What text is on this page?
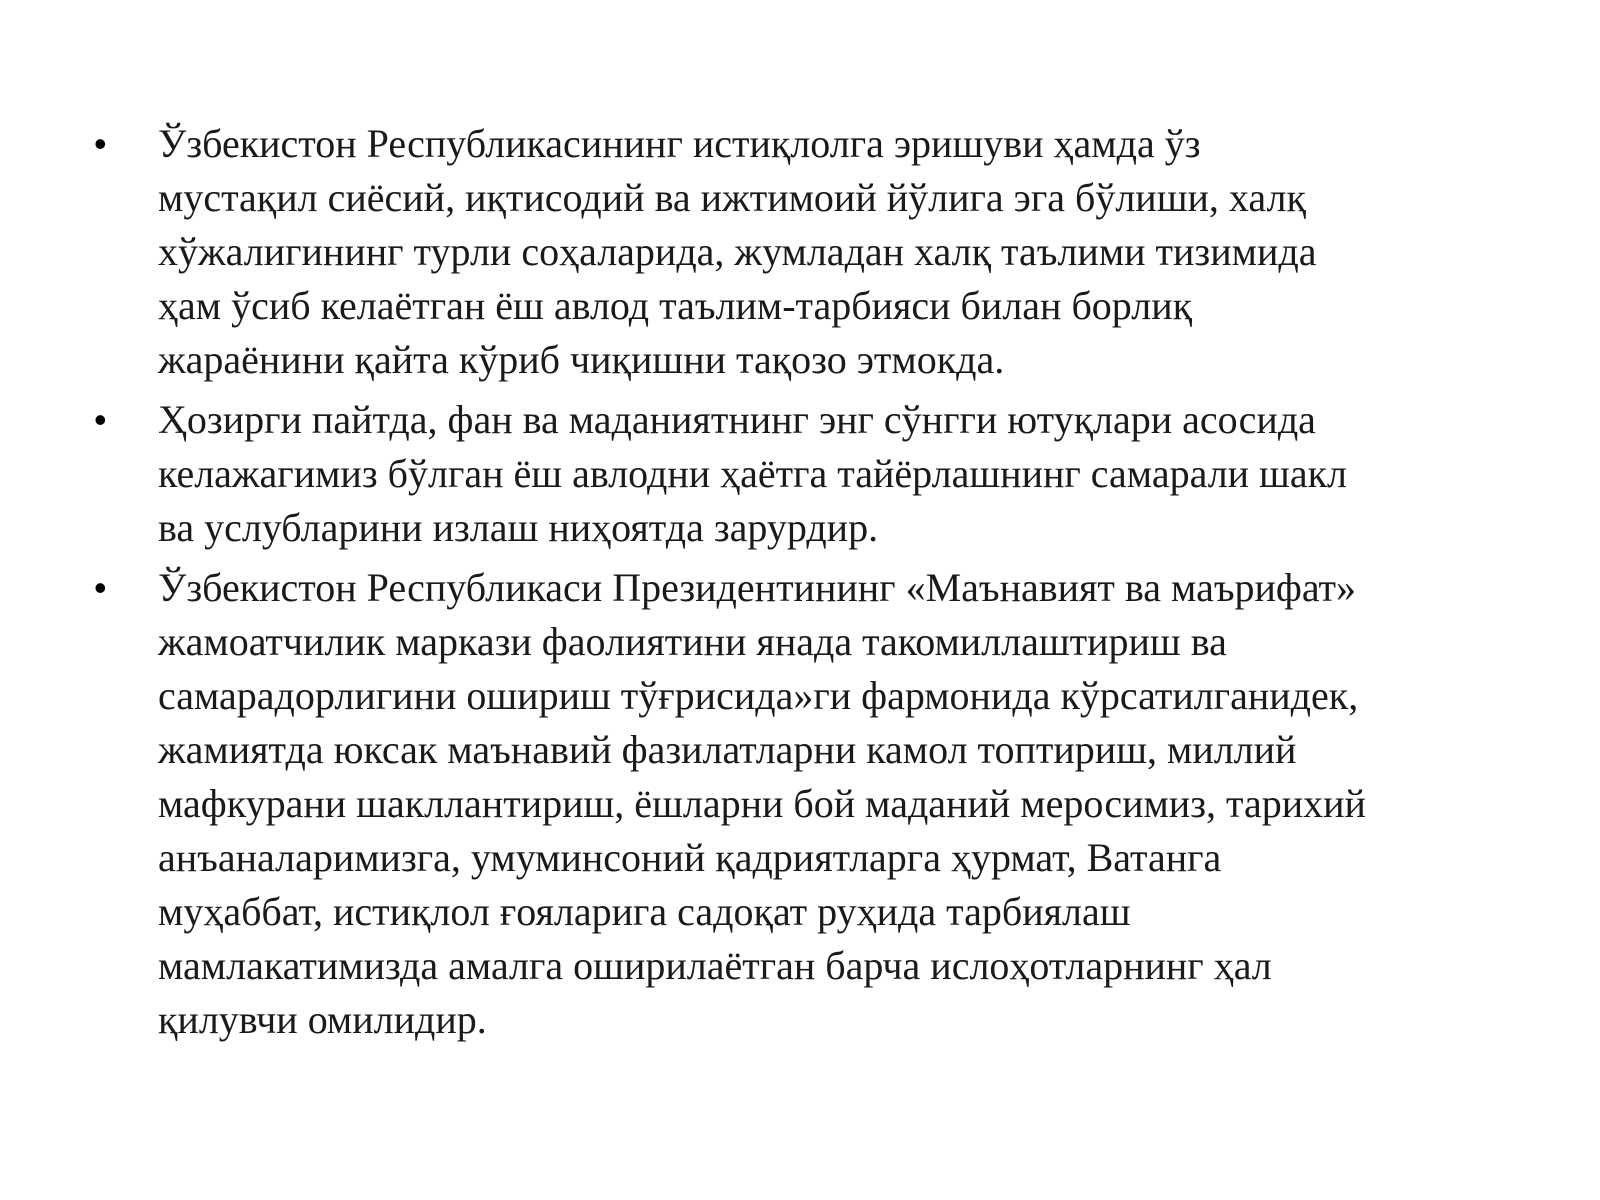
• Ўзбекистон Республикасининг истиқлолга эришуви ҳамда ўз
мустақил сиёсий, иқтисодий ва ижтимоий йўлига эга бўлиши, халқ
хўжалигининг турли соҳаларида, жумладан халқ таълими тизимида
ҳам ўсиб келаётган ёш авлод таълим-тарбияси билан борлиқ
жараёнини қайта кўриб чиқишни тақозо этмокда.
• Ҳозирги пайтда, фан ва маданиятнинг энг сўнгги ютуқлари асосида
келажагимиз бўлган ёш авлодни ҳаётга тайёрлашнинг самарали шакл
ва услубларини излаш ниҳоятда зарурдир.
• Ўзбекистон Республикаси Президентининг «Маънавият ва маърифат»
жамоатчилик маркази фаолиятини янада такомиллаштириш ва
самарадорлигини ошириш тўғрисида»ги фармонида кўрсатилганидек,
жамиятда юксак маънавий фазилатларни камол топтириш, миллий
мафкурани шакллантириш, ёшларни бой маданий меросимиз, тарихий
анъаналаримизга, умуминсоний қадриятларга ҳурмат, Ватанга
муҳаббат, истиқлол ғояларига садоқат руҳида тарбиялаш
мамлакатимизда амалга оширилаётган барча ислоҳотларнинг ҳал
қилувчи омилидир.
